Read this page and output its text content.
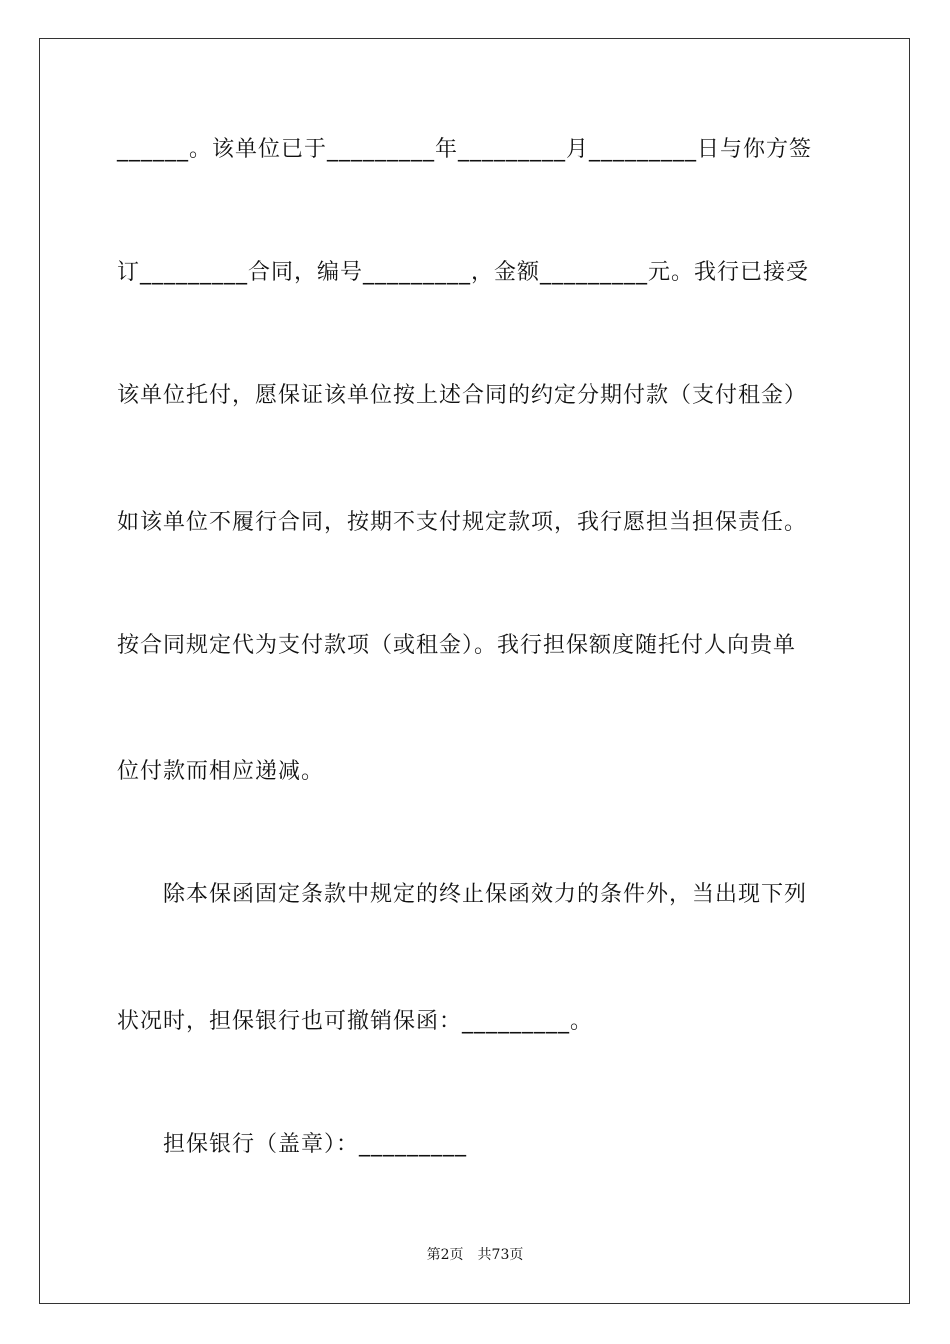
______。该单位已于_________年_________月_________日与你方签
订_________合同，编号_________，金额_________元。我行已接受
该单位托付，愿保证该单位按上述合同的约定分期付款（支付租金）
如该单位不履行合同，按期不支付规定款项，我行愿担当担保责任。
按合同规定代为支付款项（或租金）。我行担保额度随托付人向贵单
位付款而相应递减。
除本保函固定条款中规定的终止保函效力的条件外，当出现下列
状况时，担保银行也可撤销保函：_________。
担保银行（盖章）：_________
第2页　共73页
